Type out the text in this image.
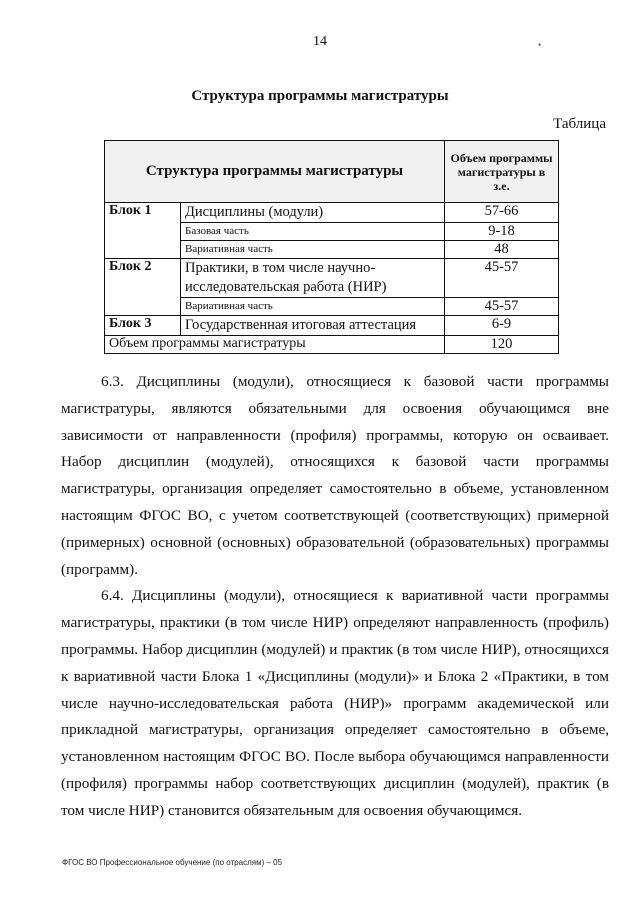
14	•
Структура программы магистратуры
Таблица
Структура программы магистратуры		Объем программы магистратуры в з.е.
Блок 1	Дисциплины (модули)	57-66
	Базовая часть	9-18
	Вариативная часть	48
Блок 2	Практики, в том числе научно-исследовательская работа (НИР)	45-57
	Вариативная часть	45-57
Блок 3	Государственная итоговая аттестация	6-9
Объем программы магистратуры		120

6.3. Дисциплины (модули), относящиеся к базовой части программы магистратуры, являются обязательными для освоения обучающимся вне зависимости от направленности (профиля) программы, которую он осваивает. Набор дисциплин (модулей), относящихся к базовой части программы магистратуры, организация определяет самостоятельно в объеме, установленном настоящим ФГОС ВО, с учетом соответствующей (соответствующих) примерной (примерных) основной (основных) образовательной (образовательных) программы (программ).

6.4. Дисциплины (модули), относящиеся к вариативной части программы магистратуры, практики (в том числе НИР) определяют направленность (профиль) программы. Набор дисциплин (модулей) и практик (в том числе НИР), относящихся к вариативной части Блока 1 «Дисциплины (модули)» и Блока 2 «Практики, в том числе научно-исследовательская работа (НИР)» программ академической или прикладной магистратуры, организация определяет самостоятельно в объеме, установленном настоящим ФГОС ВО. После выбора обучающимся направленности (профиля) программы набор соответствующих дисциплин (модулей), практик (в том числе НИР) становится обязательным для освоения обучающимся.

ФГОС ВО Профессиональное обучение (по отраслям) – 05
